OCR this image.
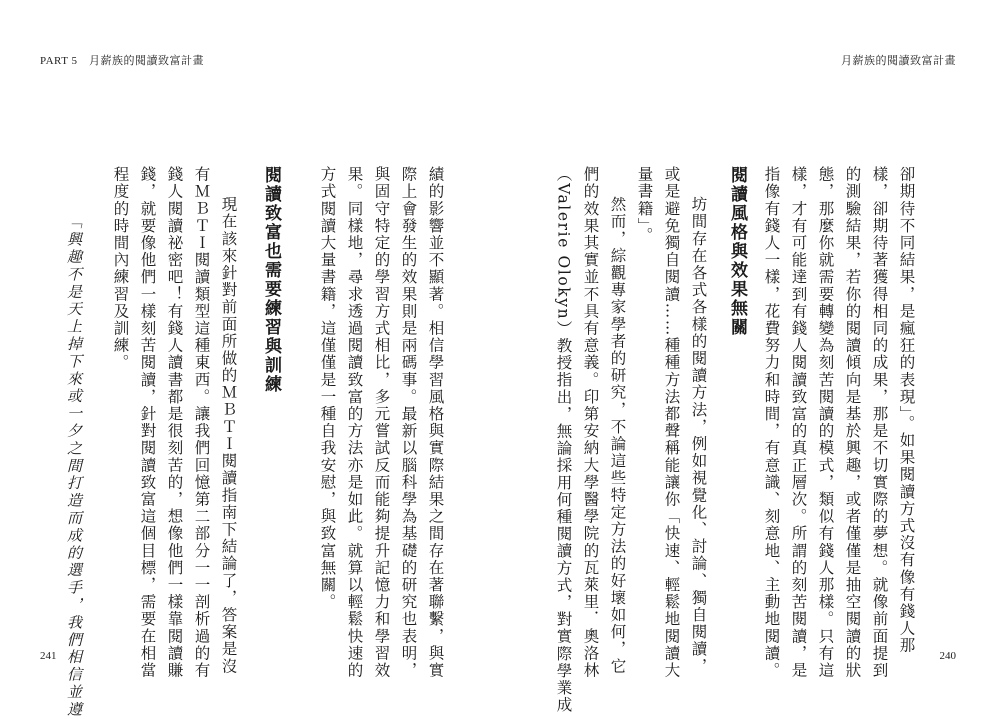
PART 5　月薪族的閱讀致富計畫	月薪族的閱讀致富計畫
卻期待不同結果，是瘋狂的表現」。如果閱讀方式沒有像有錢人那
樣，卻期待著獲得相同的成果，那是不切實際的夢想。就像前面提到
的測驗結果，若你的閱讀傾向是基於興趣，或者僅僅是抽空閱讀的狀
態，那麼你就需要轉變為刻苦閱讀的模式，類似有錢人那樣。只有這
樣，才有可能達到有錢人閱讀致富的真正層次。所謂的刻苦閱讀，是
指像有錢人一樣，花費努力和時間，有意識、刻意地、主動地閱讀。
閱讀風格與效果無關
坊間存在各式各樣的閱讀方法，例如視覺化、討論、獨自閱讀，
或是避免獨自閱讀……種種方法都聲稱能讓你「快速、輕鬆地閱讀大
量書籍」。
然而，綜觀專家學者的研究，不論這些特定方法的好壞如何，它
們的效果其實並不具有意義。印第安納大學醫學院的瓦萊里．奧洛林
（Valerie Olokyn）教授指出，無論採用何種閱讀方式，對實際學業成
績的影響並不顯著。相信學習風格與實際結果之間存在著聯繫，與實
際上會發生的效果則是兩碼事。最新以腦科學為基礎的研究也表明，
與固守特定的學習方式相比，多元嘗試反而能夠提升記憶力和學習效
果。同樣地，尋求透過閱讀致富的方法亦是如此。就算以輕鬆快速的
方式閱讀大量書籍，這僅僅是一種自我安慰，與致富無關。
閱讀致富也需要練習與訓練
現在該來針對前面所做的ＭＢＴＩ閱讀指南下結論了，答案是沒
有ＭＢＴＩ閱讀類型這種東西。讓我們回憶第二部分一一剖析過的有
錢人閱讀祕密吧！有錢人讀書都是很刻苦的，想像他們一樣靠閱讀賺
錢，就要像他們一樣刻苦閱讀，針對閱讀致富這個目標，需要在相當
程度的時間內練習及訓練。
「興趣不是天上掉下來或一夕之間打造而成的選手，我們相信並遵
241	240
